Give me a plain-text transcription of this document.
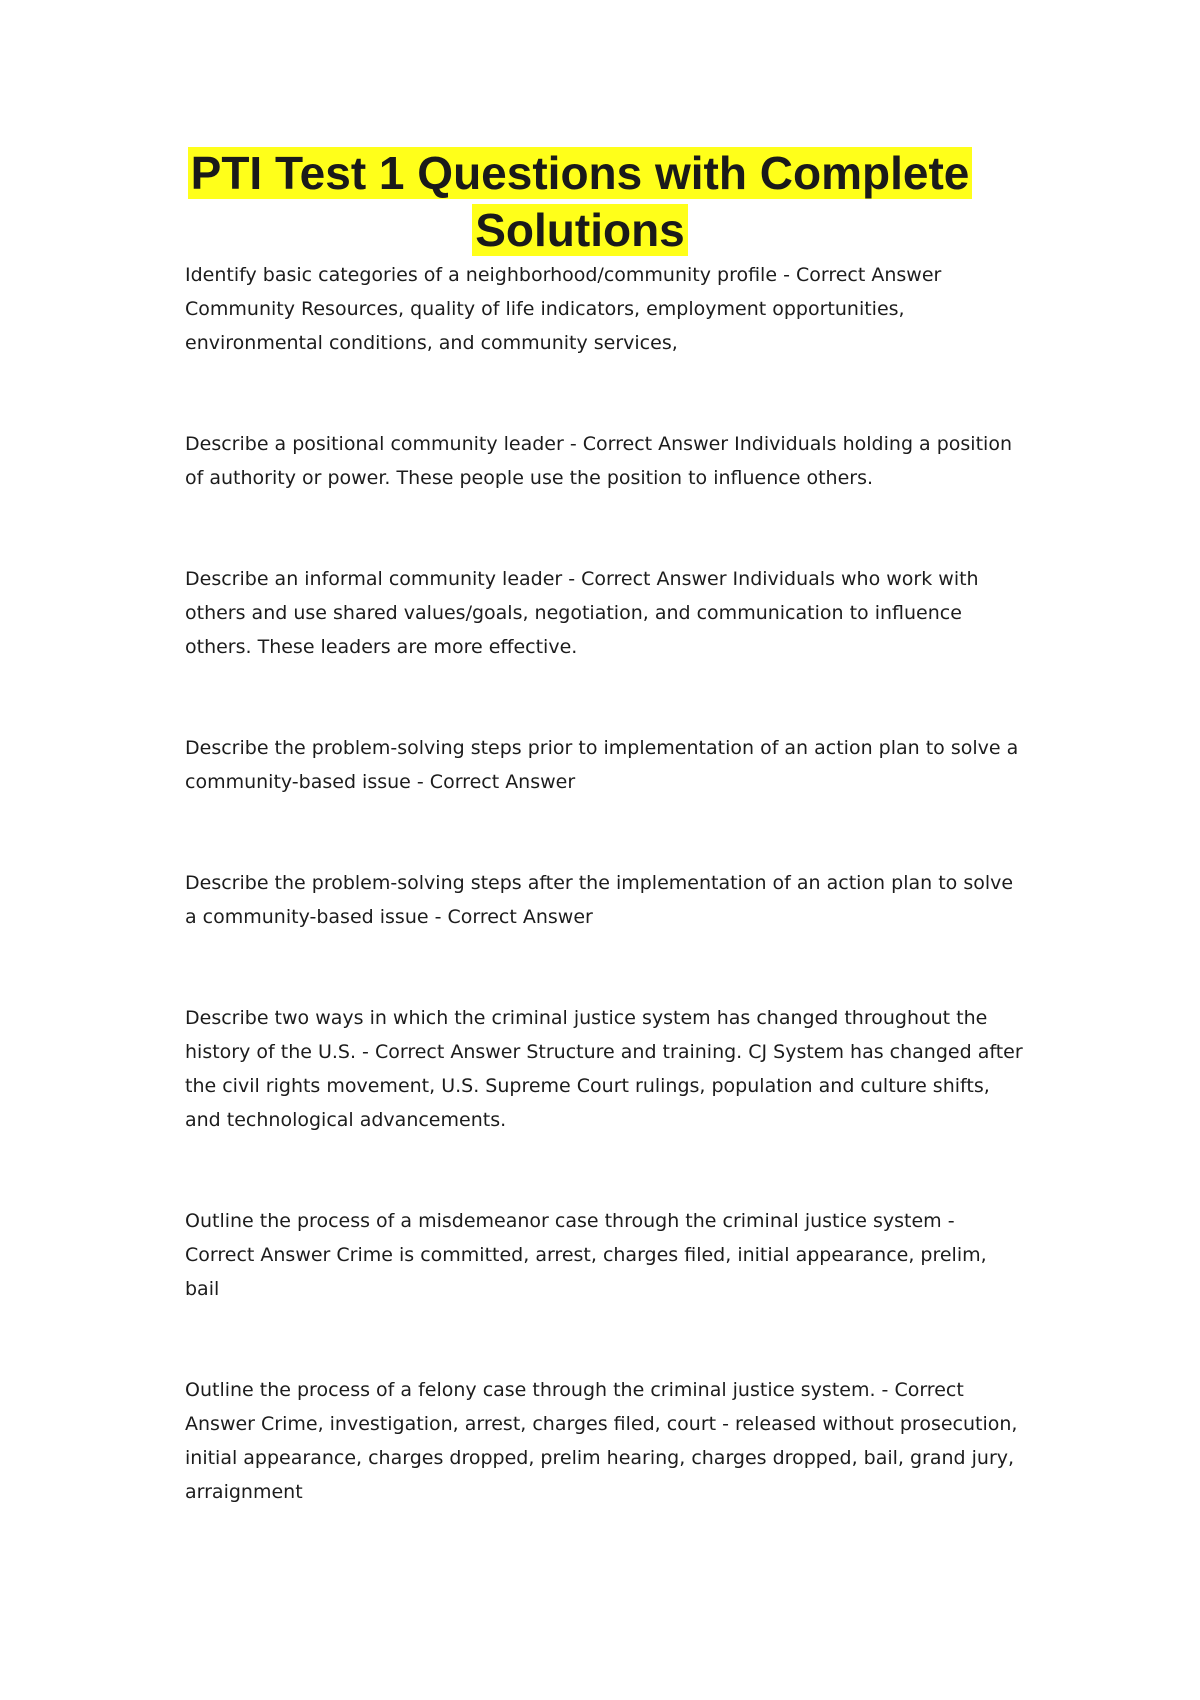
PTI Test 1 Questions with Complete
Solutions

Identify basic categories of a neighborhood/community profile - Correct Answer Community Resources, quality of life indicators, employment opportunities, environmental conditions, and community services,

Describe a positional community leader - Correct Answer Individuals holding a position of authority or power. These people use the position to influence others.

Describe an informal community leader - Correct Answer Individuals who work with others and use shared values/goals, negotiation, and communication to influence others. These leaders are more effective.

Describe the problem-solving steps prior to implementation of an action plan to solve a community-based issue - Correct Answer

Describe the problem-solving steps after the implementation of an action plan to solve a community-based issue - Correct Answer

Describe two ways in which the criminal justice system has changed throughout the history of the U.S. - Correct Answer Structure and training. CJ System has changed after the civil rights movement, U.S. Supreme Court rulings, population and culture shifts, and technological advancements.

Outline the process of a misdemeanor case through the criminal justice system - Correct Answer Crime is committed, arrest, charges filed, initial appearance, prelim, bail

Outline the process of a felony case through the criminal justice system. - Correct Answer Crime, investigation, arrest, charges filed, court - released without prosecution, initial appearance, charges dropped, prelim hearing, charges dropped, bail, grand jury, arraignment
